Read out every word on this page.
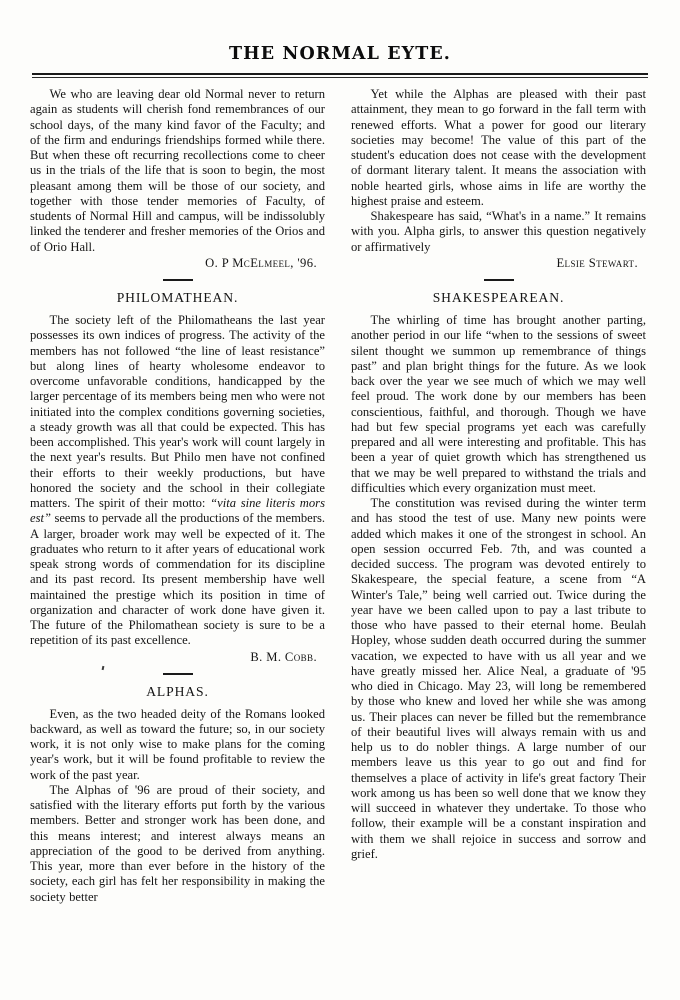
THE NORMAL EYTE.

We who are leaving dear old Normal never to return again as students will cherish fond remembrances of our school days, of the many kind favor of the Faculty; and of the firm and endurings friendships formed while there. But when these oft recurring recollections come to cheer us in the trials of the life that is soon to begin, the most pleasant among them will be those of our society, and together with those tender memories of Faculty, of students of Normal Hill and campus, will be indissolubly linked the tenderer and fresher memories of the Orios and of Orio Hall.

O. P McElmeel, '96.

PHILOMATHEAN.

The society left of the Philomatheans the last year possesses its own indices of progress. The activity of the members has not followed “the line of least resistance” but along lines of hearty wholesome endeavor to overcome unfavorable conditions, handicapped by the larger percentage of its members being men who were not initiated into the complex conditions governing societies, a steady growth was all that could be expected. This has been accomplished. This year's work will count largely in the next year's results. But Philo men have not confined their efforts to their weekly productions, but have honored the society and the school in their collegiate matters. The spirit of their motto: “vita sine literis mors est” seems to pervade all the productions of the members. A larger, broader work may well be expected of it. The graduates who return to it after years of educational work speak strong words of commendation for its discipline and its past record. Its present membership have well maintained the prestige which its position in time of organization and character of work done have given it. The future of the Philomathean society is sure to be a repetition of its past excellence.

B. M. Cobb.

ALPHAS.

Even, as the two headed deity of the Romans looked backward, as well as toward the future; so, in our society work, it is not only wise to make plans for the coming year's work, but it will be found profitable to review the work of the past year.

The Alphas of '96 are proud of their society, and satisfied with the literary efforts put forth by the various members. Better and stronger work has been done, and this means interest; and interest always means an appreciation of the good to be derived from anything. This year, more than ever before in the history of the society, each girl has felt her responsibility in making the society better

Yet while the Alphas are pleased with their past attainment, they mean to go forward in the fall term with renewed efforts. What a power for good our literary societies may become! The value of this part of the student's education does not cease with the development of dormant literary talent. It means the association with noble hearted girls, whose aims in life are worthy the highest praise and esteem.

Shakespeare has said, “What's in a name.” It remains with you. Alpha girls, to answer this question negatively or affirmatively

Elsie Stewart.

SHAKESPEAREAN.

The whirling of time has brought another parting, another period in our life “when to the sessions of sweet silent thought we summon up remembrance of things past” and plan bright things for the future. As we look back over the year we see much of which we may well feel proud. The work done by our members has been conscientious, faithful, and thorough. Though we have had but few special programs yet each was carefully prepared and all were interesting and profitable. This has been a year of quiet growth which has strengthened us that we may be well prepared to withstand the trials and difficulties which every organization must meet.

The constitution was revised during the winter term and has stood the test of use. Many new points were added which makes it one of the strongest in school. An open session occurred Feb. 7th, and was counted a decided success. The program was devoted entirely to Skakespeare, the special feature, a scene from “A Winter's Tale,” being well carried out. Twice during the year have we been called upon to pay a last tribute to those who have passed to their eternal home. Beulah Hopley, whose sudden death occurred during the summer vacation, we expected to have with us all year and we have greatly missed her. Alice Neal, a graduate of '95 who died in Chicago. May 23, will long be remembered by those who knew and loved her while she was among us. Their places can never be filled but the remembrance of their beautiful lives will always remain with us and help us to do nobler things. A large number of our members leave us this year to go out and find for themselves a place of activity in life's great factory Their work among us has been so well done that we know they will succeed in whatever they undertake. To those who follow, their example will be a constant inspiration and with them we shall rejoice in success and sorrow and grief.
